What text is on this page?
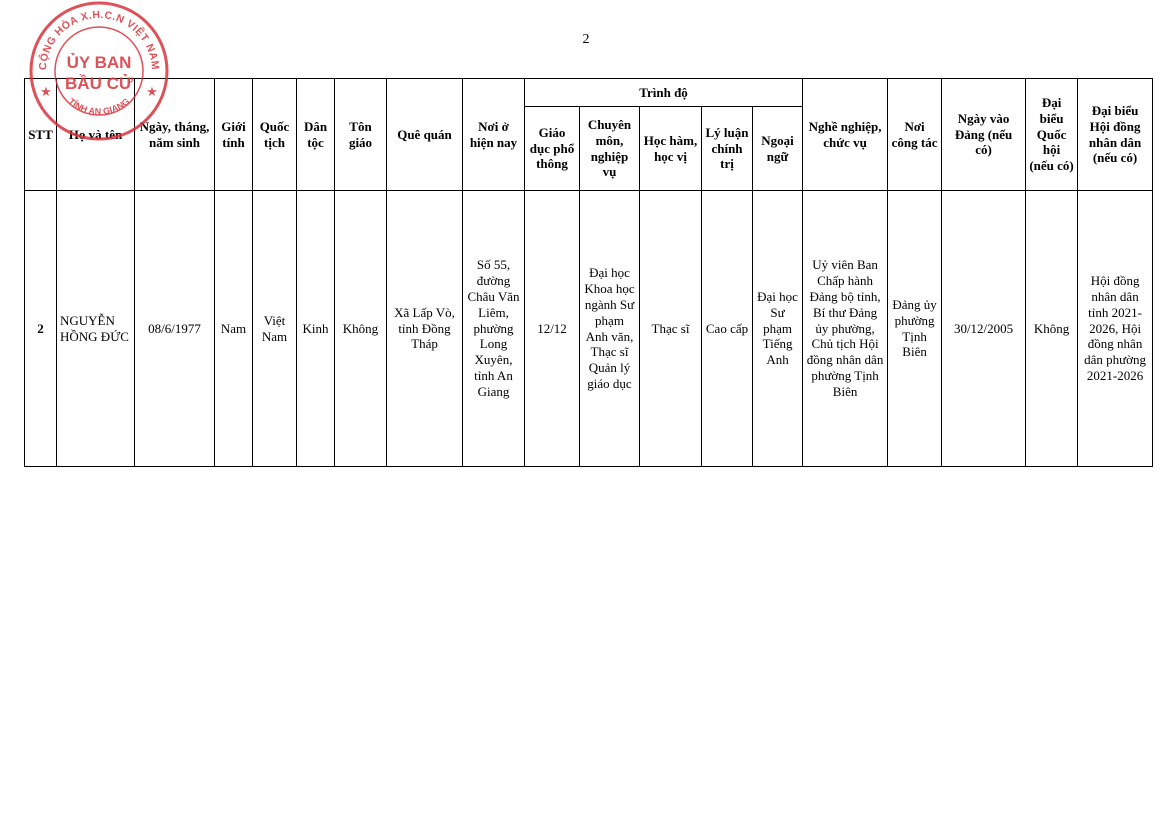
2
STT	Họ và tên	Ngày, tháng, năm sinh	Giới tính	Quốc tịch	Dân tộc	Tôn giáo	Quê quán	Nơi ở hiện nay	Trình độ					Nghề nghiệp, chức vụ	Nơi công tác	Ngày vào Đảng (nếu có)	Đại biểu Quốc hội (nếu có)	Đại biểu Hội đồng nhân dân (nếu có)
									Giáo dục phổ thông	Chuyên môn, nghiệp vụ	Học hàm, học vị	Lý luận chính trị	Ngoại ngữ					
2	NGUYỄN HỒNG ĐỨC	08/6/1977	Nam	Việt Nam	Kinh	Không	Xã Lấp Vò, tỉnh Đồng Tháp	Số 55, đường Châu Văn Liêm, phường Long Xuyên, tỉnh An Giang	12/12	Đại học Khoa học ngành Sư phạm Anh văn, Thạc sĩ Quản lý giáo dục	Thạc sĩ	Cao cấp	Đại học Sư phạm Tiếng Anh	Uỷ viên Ban Chấp hành Đảng bộ tỉnh, Bí thư Đảng ủy phường, Chủ tịch Hội đồng nhân dân phường Tịnh Biên	Đảng ủy phường Tịnh Biên	30/12/2005	Không	Hội đồng nhân dân tỉnh 2021-2026, Hội đồng nhân dân phường 2021-2026
CỘNG HÒA X.H.C.N VIỆT NAM
TỈNH AN GIANG
★	★
ỦY BAN
BẦU CỬ
